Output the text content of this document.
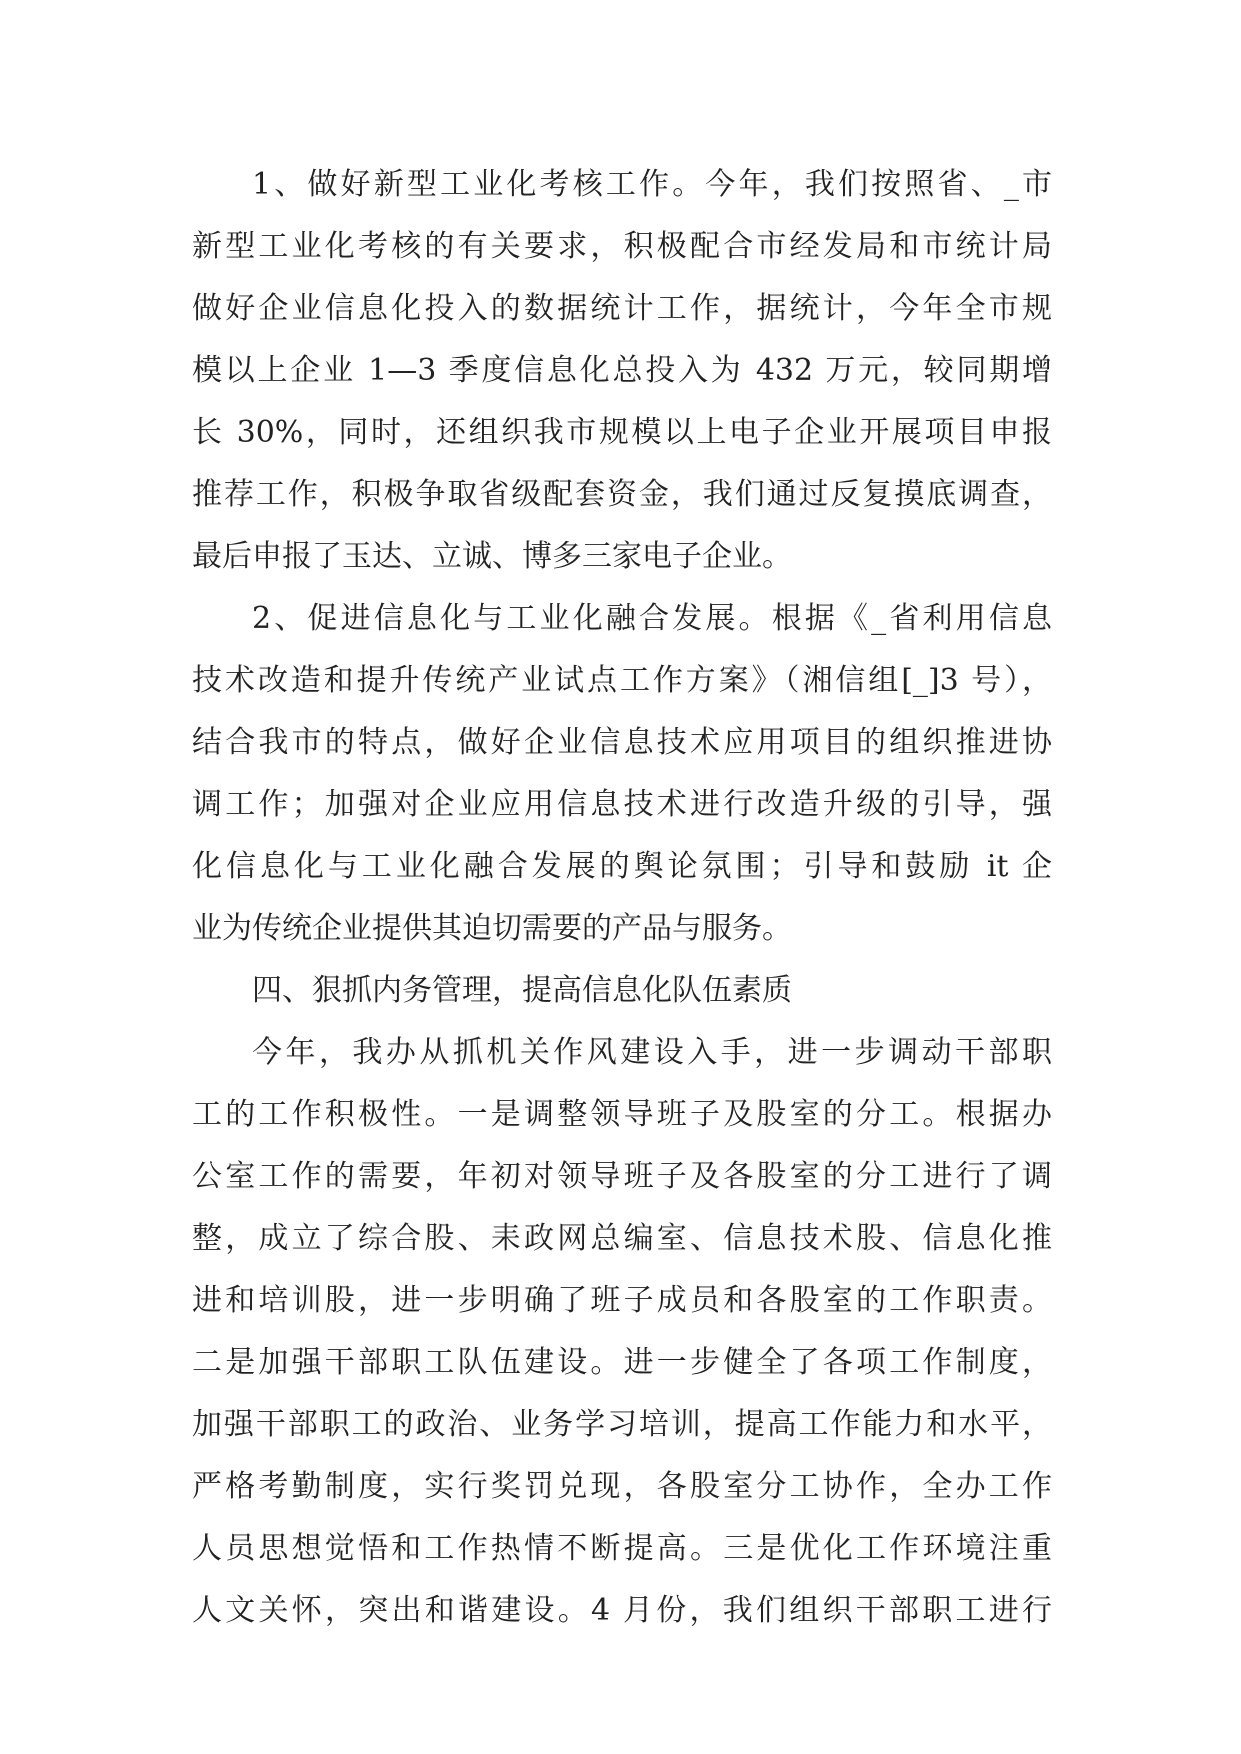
1、做好新型工业化考核工作。今年，我们按照省、_市
新型工业化考核的有关要求，积极配合市经发局和市统计局
做好企业信息化投入的数据统计工作，据统计，今年全市规
模以上企业 1—3 季度信息化总投入为 432 万元，较同期增
长 30%，同时，还组织我市规模以上电子企业开展项目申报
推荐工作，积极争取省级配套资金，我们通过反复摸底调查，
最后申报了玉达、立诚、博多三家电子企业。
2、促进信息化与工业化融合发展。根据《_省利用信息
技术改造和提升传统产业试点工作方案》（湘信组[_]3 号），
结合我市的特点，做好企业信息技术应用项目的组织推进协
调工作；加强对企业应用信息技术进行改造升级的引导，强
化信息化与工业化融合发展的舆论氛围；引导和鼓励 it 企
业为传统企业提供其迫切需要的产品与服务。
四、狠抓内务管理，提高信息化队伍素质
今年，我办从抓机关作风建设入手，进一步调动干部职
工的工作积极性。一是调整领导班子及股室的分工。根据办
公室工作的需要，年初对领导班子及各股室的分工进行了调
整，成立了综合股、耒政网总编室、信息技术股、信息化推
进和培训股，进一步明确了班子成员和各股室的工作职责。
二是加强干部职工队伍建设。进一步健全了各项工作制度，
加强干部职工的政治、业务学习培训，提高工作能力和水平，
严格考勤制度，实行奖罚兑现，各股室分工协作，全办工作
人员思想觉悟和工作热情不断提高。三是优化工作环境注重
人文关怀，突出和谐建设。4 月份，我们组织干部职工进行
